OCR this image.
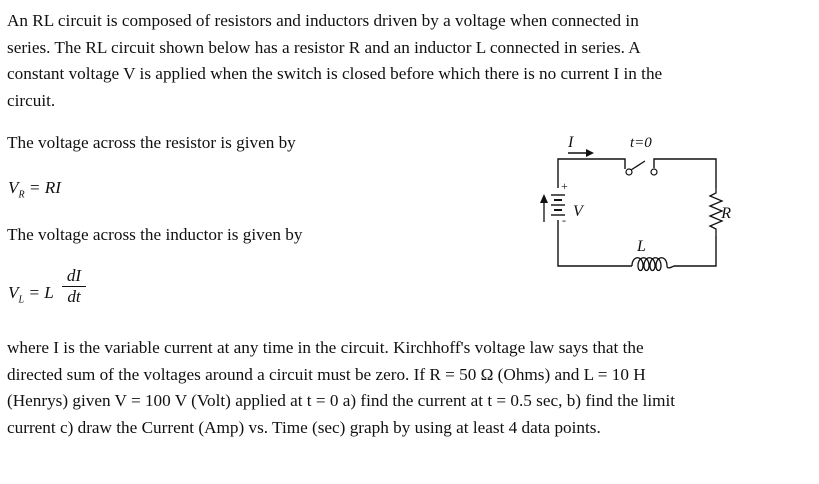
An RL circuit is composed of resistors and inductors driven by a voltage when connected in
series. The RL circuit shown below has a resistor R and an inductor L connected in series. A
constant voltage V is applied when the switch is closed before which there is no current I in the
circuit.
The voltage across the resistor is given by
$V_R$ = RI
The voltage across the inductor is given by
$V_L = L \frac{dI}{dt}$
I	t=0
V
+
-	R
L
where I is the variable current at any time in the circuit. Kirchhoff's voltage law says that the
directed sum of the voltages around a circuit must be zero. If R = 50 Ω (Ohms) and L = 10 H
(Henrys) given V = 100 V (Volt) applied at t = 0 a) find the current at t = 0.5 sec, b) find the limit
current c) draw the Current (Amp) vs. Time (sec) graph by using at least 4 data points.
